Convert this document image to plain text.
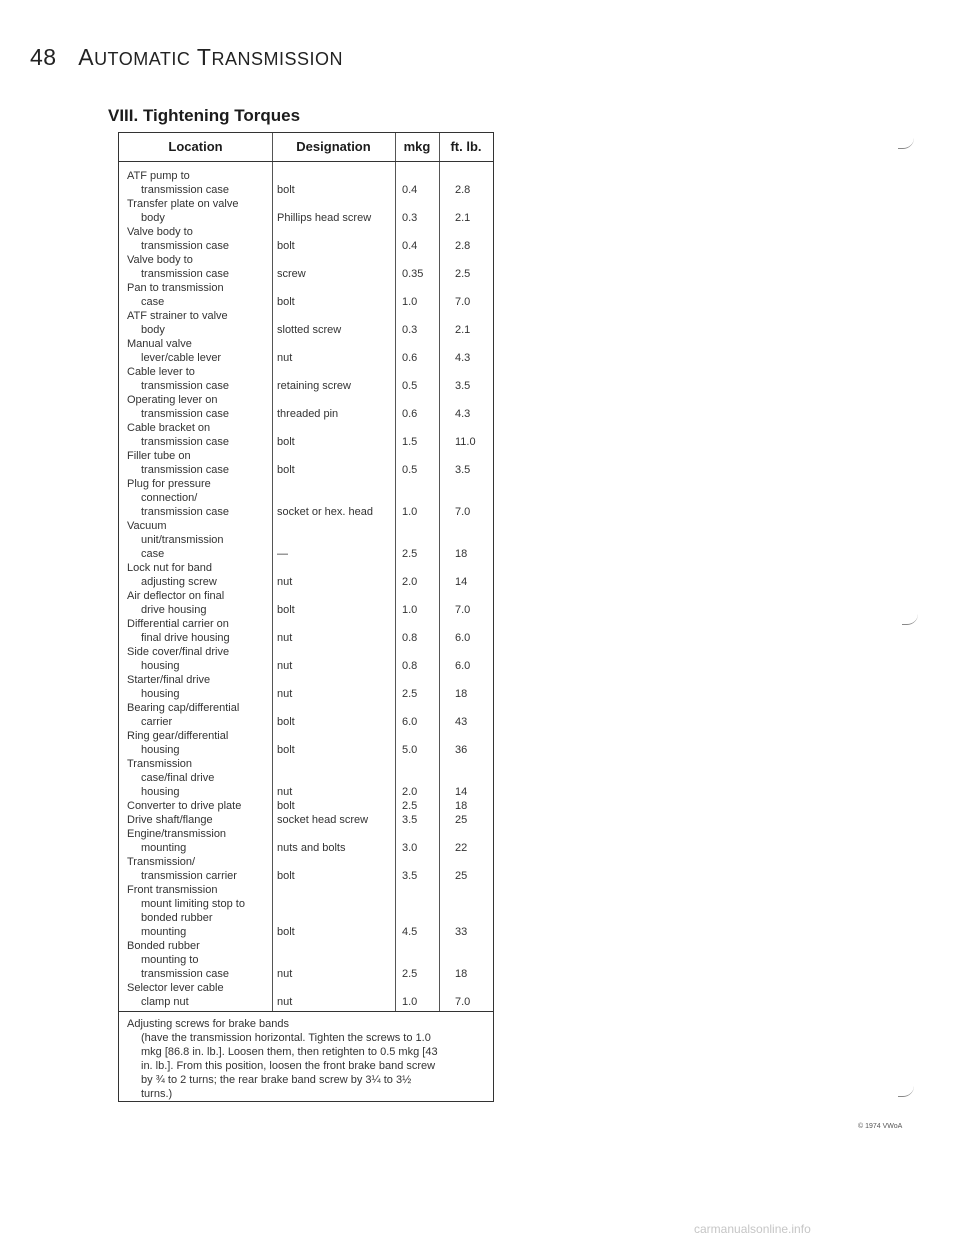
48 AUTOMATIC TRANSMISSION
VIII. Tightening Torques
Location	Designation	mkg	ft. lb.
ATF pump to
transmission case	bolt	0.4	2.8
Transfer plate on valve
body	Phillips head screw	0.3	2.1
Valve body to
transmission case	bolt	0.4	2.8
Valve body to
transmission case	screw	0.35	2.5
Pan to transmission
case	bolt	1.0	7.0
ATF strainer to valve
body	slotted screw	0.3	2.1
Manual valve
lever/cable lever	nut	0.6	4.3
Cable lever to
transmission case	retaining screw	0.5	3.5
Operating lever on
transmission case	threaded pin	0.6	4.3
Cable bracket on
transmission case	bolt	1.5	11.0
Filler tube on
transmission case	bolt	0.5	3.5
Plug for pressure
connection/
transmission case	socket or hex. head	1.0	7.0
Vacuum
unit/transmission
case	—	2.5	18
Lock nut for band
adjusting screw	nut	2.0	14
Air deflector on final
drive housing	bolt	1.0	7.0
Differential carrier on
final drive housing	nut	0.8	6.0
Side cover/final drive
housing	nut	0.8	6.0
Starter/final drive
housing	nut	2.5	18
Bearing cap/differential
carrier	bolt	6.0	43
Ring gear/differential
housing	bolt	5.0	36
Transmission
case/final drive
housing	nut	2.0	14
Converter to drive plate	bolt	2.5	18
Drive shaft/flange	socket head screw	3.5	25
Engine/transmission
mounting	nuts and bolts	3.0	22
Transmission/
transmission carrier	bolt	3.5	25
Front transmission
mount limiting stop to
bonded rubber
mounting	bolt	4.5	33
Bonded rubber
mounting to
transmission case	nut	2.5	18
Selector lever cable
clamp nut	nut	1.0	7.0
Adjusting screws for brake bands
(have the transmission horizontal. Tighten the screws to 1.0
mkg [86.8 in. lb.]. Loosen them, then retighten to 0.5 mkg [43
in. lb.]. From this position, loosen the front brake band screw
by ¾ to 2 turns; the rear brake band screw by 3¼ to 3½
turns.)
© 1974 VWoA
carmanualsonline.info
